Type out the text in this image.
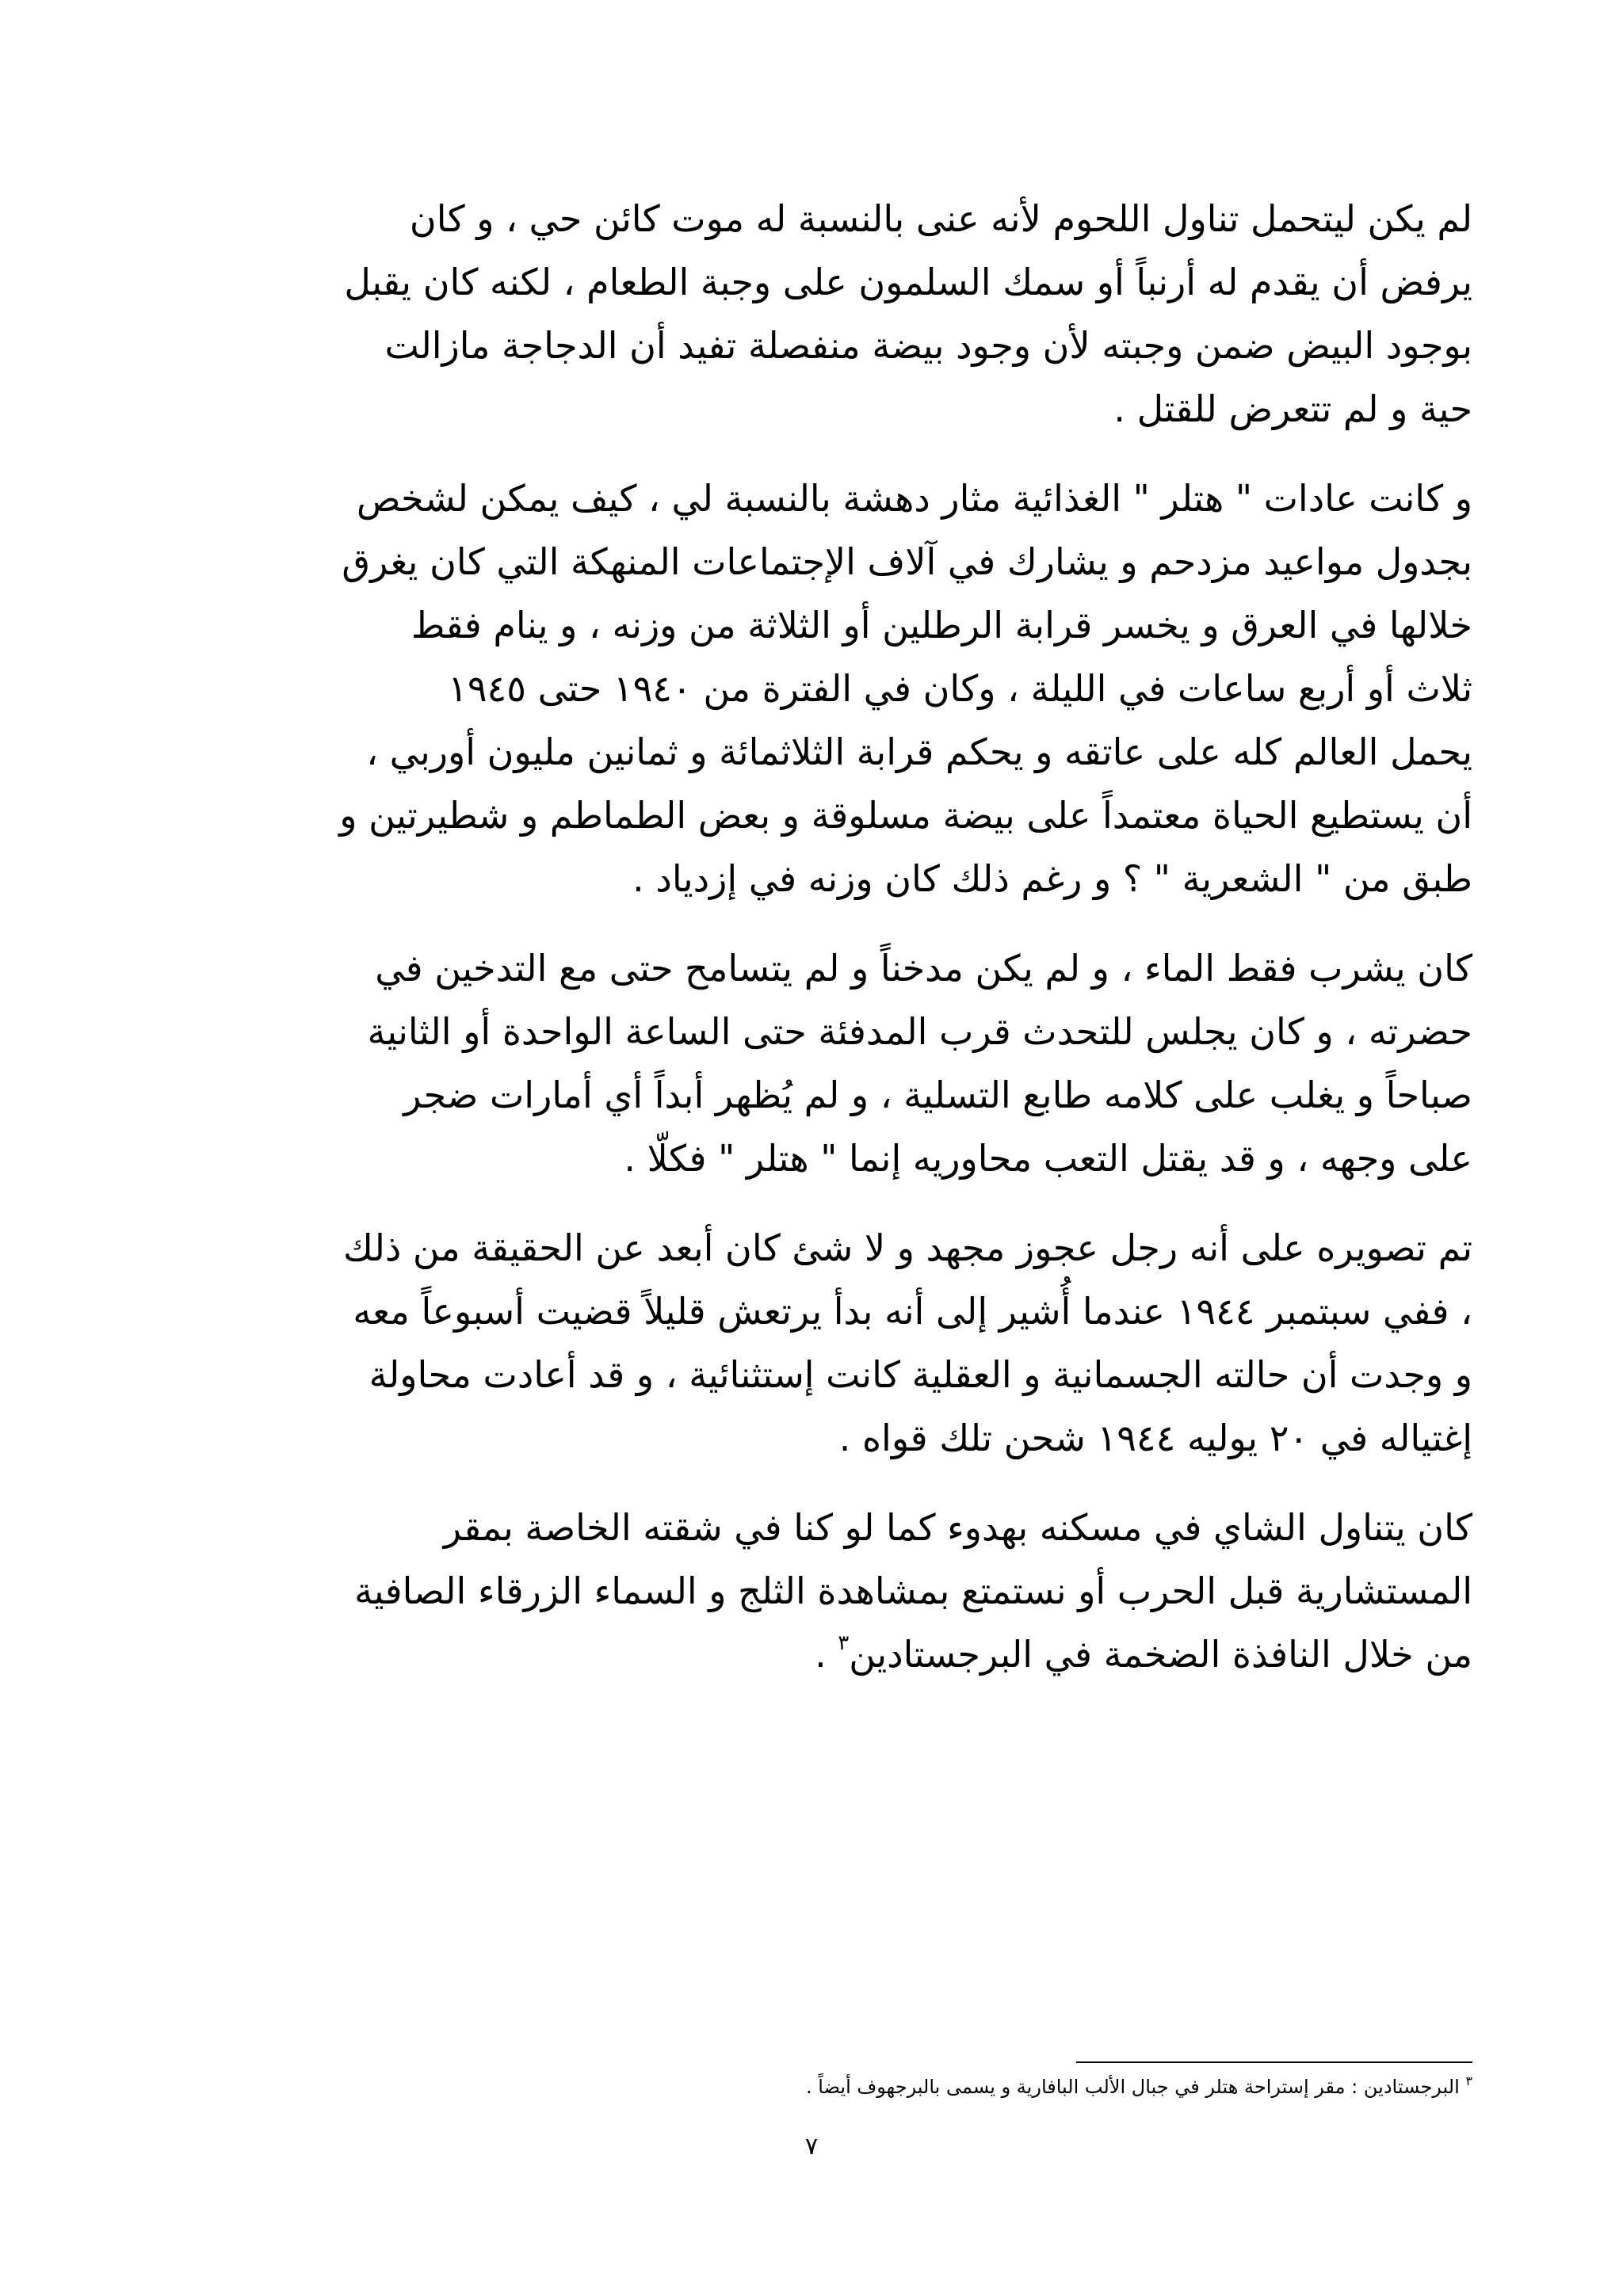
لم يكن ليتحمل تناول اللحوم لأنه عنى بالنسبة له موت كائن حي ، و كان
يرفض أن يقدم له أرنباً أو سمك السلمون على وجبة الطعام ، لكنه كان يقبل
بوجود البيض ضمن وجبته لأن وجود بيضة منفصلة تفيد أن الدجاجة مازالت
حية و لم تتعرض للقتل .

و كانت عادات " هتلر " الغذائية مثار دهشة بالنسبة لي ، كيف يمكن لشخص
بجدول مواعيد مزدحم و يشارك في آلاف الإجتماعات المنهكة التي كان يغرق
خلالها في العرق و يخسر قرابة الرطلين أو الثلاثة من وزنه ، و ينام فقط
ثلاث أو أربع ساعات في الليلة ، وكان في الفترة من ١٩٤٠ حتى ١٩٤٥
يحمل العالم كله على عاتقه و يحكم قرابة الثلاثمائة و ثمانين مليون أوربي ،
أن يستطيع الحياة معتمداً على بيضة مسلوقة و بعض الطماطم و شطيرتين و
طبق من " الشعرية " ؟ و رغم ذلك كان وزنه في إزدياد .

كان يشرب فقط الماء ، و لم يكن مدخناً و لم يتسامح حتى مع التدخين في
حضرته ، و كان يجلس للتحدث قرب المدفئة حتى الساعة الواحدة أو الثانية
صباحاً و يغلب على كلامه طابع التسلية ، و لم يُظهر أبداً أي أمارات ضجر
على وجهه ، و قد يقتل التعب محاوريه إنما " هتلر " فكلّا .

تم تصويره على أنه رجل عجوز مجهد و لا شئ كان أبعد عن الحقيقة من ذلك
، ففي سبتمبر ١٩٤٤ عندما أُشير إلى أنه بدأ يرتعش قليلاً قضيت أسبوعاً معه
و وجدت أن حالته الجسمانية و العقلية كانت إستثنائية ، و قد أعادت محاولة
إغتياله في ٢٠ يوليه ١٩٤٤ شحن تلك قواه .

كان يتناول الشاي في مسكنه بهدوء كما لو كنا في شقته الخاصة بمقر
المستشارية قبل الحرب أو نستمتع بمشاهدة الثلج و السماء الزرقاء الصافية
من خلال النافذة الضخمة في البرجستادين$^٣$ .

$^٣$ البرجستادين : مقر إستراحة هتلر في جبال الألب البافارية و يسمى بالبرجهوف أيضاً .
٧
